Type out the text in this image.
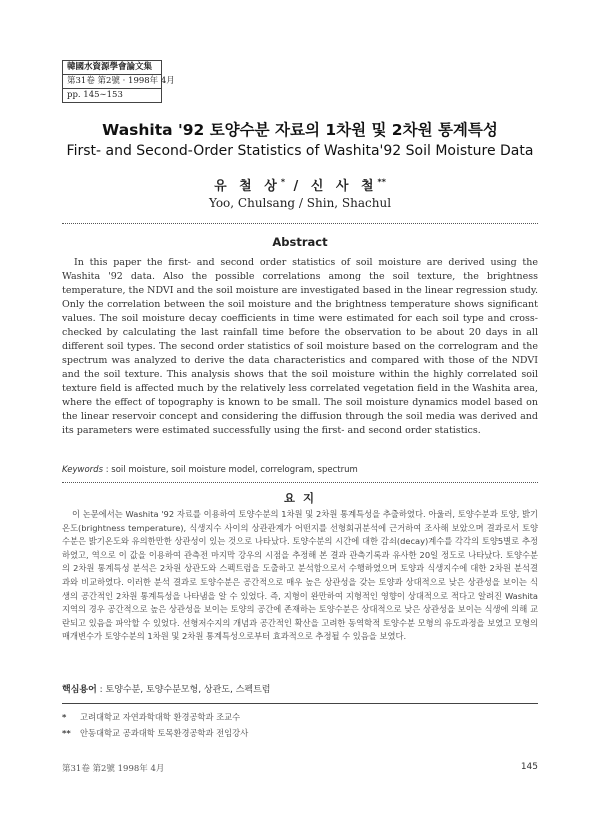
韓國水資源學會論文集
第31卷 第2號 · 1998年 4月
pp. 145∼153
Washita '92 토양수분 자료의 1차원 및 2차원 통계특성
First- and Second-Order Statistics of Washita'92 Soil Moisture Data
유 철 상* / 신 사 철**
Yoo, Chulsang / Shin, Shachul
Abstract

In this paper the first- and second order statistics of soil moisture are derived using the Washita '92 data. Also the possible correlations among the soil texture, the brightness temperature, the NDVI and the soil moisture are investigated based in the linear regression study. Only the correlation between the soil moisture and the brightness temperature shows significant values. The soil moisture decay coefficients in time were estimated for each soil type and cross-checked by calculating the last rainfall time before the observation to be about 20 days in all different soil types. The second order statistics of soil moisture based on the correlogram and the spectrum was analyzed to derive the data characteristics and compared with those of the NDVI and the soil texture. This analysis shows that the soil moisture within the highly correlated soil texture field is affected much by the relatively less correlated vegetation field in the Washita area, where the effect of topography is known to be small. The soil moisture dynamics model based on the linear reservoir concept and considering the diffusion through the soil media was derived and its parameters were estimated successfully using the first- and second order statistics.

Keywords : soil moisture, soil moisture model, correlogram, spectrum
요 지

이 논문에서는 Washita '92 자료를 이용하여 토양수분의 1차원 및 2차원 통계특성을 추출하였다. 아울러, 토양수분과 토양, 밝기온도(brightness temperature), 식생지수 사이의 상관관계가 어떤지를 선형회귀분석에 근거하여 조사해 보았으며 결과로서 토양수분은 밝기온도와 유의한만한 상관성이 있는 것으로 나타났다. 토양수분의 시간에 대한 감쇠(decay)계수를 각각의 토양5별로 추정하였고, 역으로 이 값을 이용하여 관측전 마지막 강우의 시점을 추정해 본 결과 관측기록과 유사한 20일 정도로 나타났다. 토양수분의 2차원 통계특성 분석은 2차원 상관도와 스펙트럼을 도출하고 분석함으로서 수행하였으며 토양과 식생지수에 대한 2차원 분석결과와 비교하였다. 이러한 분석 결과로 토양수분은 공간적으로 매우 높은 상관성을 갖는 토양과 상대적으로 낮은 상관성을 보이는 식생의 공간적인 2차원 통계특성을 나타냄을 알 수 있었다. 즉, 지형이 완만하여 지형적인 영향이 상대적으로 적다고 알려진 Washita지역의 경우 공간적으로 높은 상관성을 보이는 토양의 공간에 존재하는 토양수분은 상대적으로 낮은 상관성을 보이는 식생에 의해 교란되고 있음을 파악할 수 있었다. 선형저수지의 개념과 공간적인 확산을 고려한 동역학적 토양수분 모형의 유도과정을 보였고 모형의 매개변수가 토양수분의 1차원 및 2차원 통계특성으로부터 효과적으로 추정될 수 있음을 보였다.

핵심용어 : 토양수분, 토양수분모형, 상관도, 스펙트럼
* 고려대학교 자연과학대학 환경공학과 조교수
** 안동대학교 공과대학 토목환경공학과 전임강사
第31卷 第2號 1998年 4月	145
